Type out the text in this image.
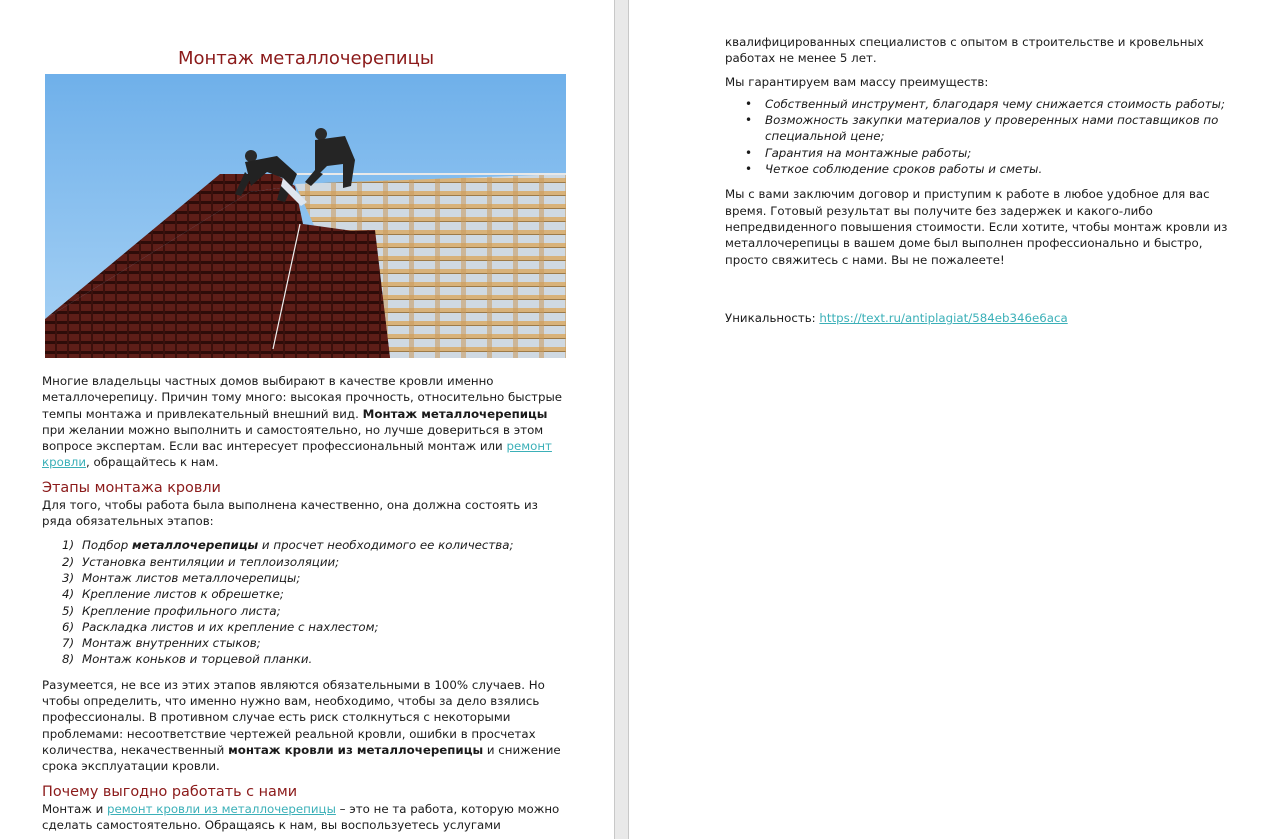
Монтаж металлочерепицы

Многие владельцы частных домов выбирают в качестве кровли именно металлочерепицу. Причин тому много: высокая прочность, относительно быстрые темпы монтажа и привлекательный внешний вид. Монтаж металлочерепицы при желании можно выполнить и самостоятельно, но лучше довериться в этом вопросе экспертам. Если вас интересует профессиональный монтаж или ремонт кровли, обращайтесь к нам.

Этапы монтажа кровли

Для того, чтобы работа была выполнена качественно, она должна состоять из ряда обязательных этапов:

1) Подбор металлочерепицы и просчет необходимого ее количества;
2) Установка вентиляции и теплоизоляции;
3) Монтаж листов металлочерепицы;
4) Крепление листов к обрешетке;
5) Крепление профильного листа;
6) Раскладка листов и их крепление с нахлестом;
7) Монтаж внутренних стыков;
8) Монтаж коньков и торцевой планки.

Разумеется, не все из этих этапов являются обязательными в 100% случаев. Но чтобы определить, что именно нужно вам, необходимо, чтобы за дело взялись профессионалы. В противном случае есть риск столкнуться с некоторыми проблемами: несоответствие чертежей реальной кровли, ошибки в просчетах количества, некачественный монтаж кровли из металлочерепицы и снижение срока эксплуатации кровли.

Почему выгодно работать с нами

Монтаж и ремонт кровли из металлочерепицы – это не та работа, которую можно сделать самостоятельно. Обращаясь к нам, вы воспользуетесь услугами

квалифицированных специалистов с опытом в строительстве и кровельных работах не менее 5 лет.

Мы гарантируем вам массу преимуществ:

•	Собственный инструмент, благодаря чему снижается стоимость работы;
•	Возможность закупки материалов у проверенных нами поставщиков по специальной цене;
•	Гарантия на монтажные работы;
•	Четкое соблюдение сроков работы и сметы.

Мы с вами заключим договор и приступим к работе в любое удобное для вас время. Готовый результат вы получите без задержек и какого-либо непредвиденного повышения стоимости. Если хотите, чтобы монтаж кровли из металлочерепицы в вашем доме был выполнен профессионально и быстро, просто свяжитесь с нами. Вы не пожалеете!

Уникальность: https://text.ru/antiplagiat/584eb346e6aca
